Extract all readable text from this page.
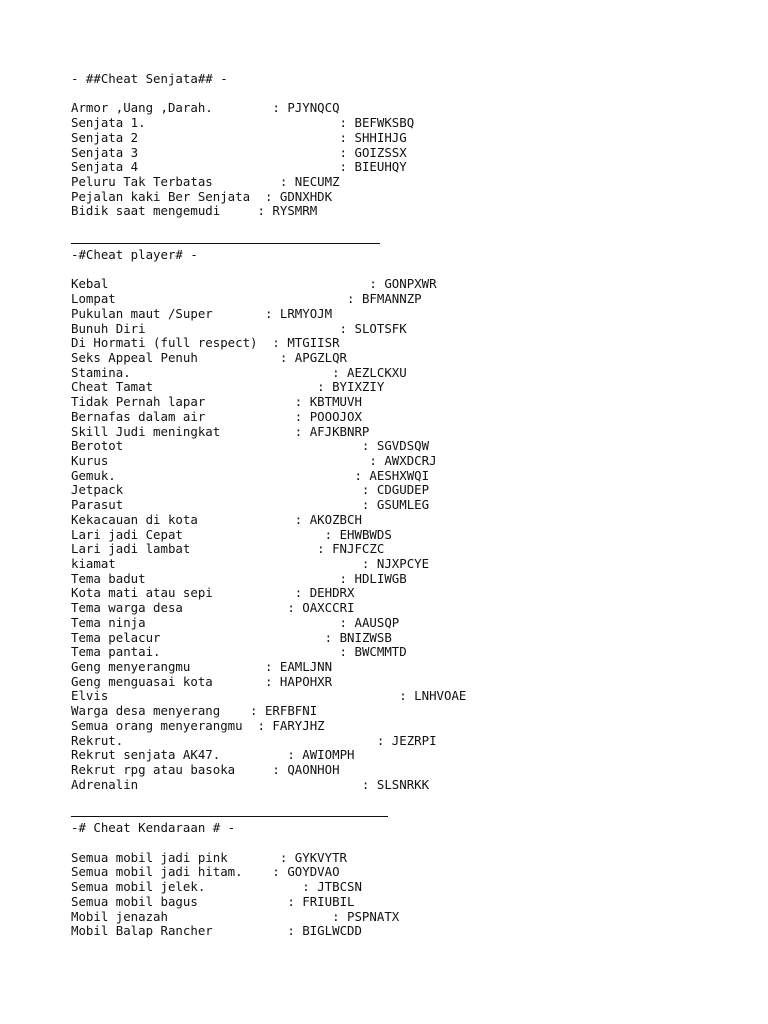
- ##Cheat Senjata## -
Armor ,Uang ,Darah.        : PJYNQCQ
Senjata 1.                          : BEFWKSBQ
Senjata 2                           : SHHIHJG
Senjata 3                           : GOIZSSX
Senjata 4                           : BIEUHQY
Peluru Tak Terbatas         : NECUMZ
Pejalan kaki Ber Senjata  : GDNXHDK
Bidik saat mengemudi     : RYSMRM
-#Cheat player# -
Kebal                                   : GONPXWR
Lompat                               : BFMANNZP
Pukulan maut /Super       : LRMYOJM
Bunuh Diri                          : SLOTSFK
Di Hormati (full respect)  : MTGIISR
Seks Appeal Penuh           : APGZLQR
Stamina.                           : AEZLCKXU
Cheat Tamat                      : BYIXZIY
Tidak Pernah lapar            : KBTMUVH
Bernafas dalam air            : POOOJOX
Skill Judi meningkat          : AFJKBNRP
Berotot                                : SGVDSQW
Kurus                                   : AWXDCRJ
Gemuk.                                : AESHXWQI
Jetpack                                : CDGUDEP
Parasut                                : GSUMLEG
Kekacauan di kota             : AKOZBCH
Lari jadi Cepat                   : EHWBWDS
Lari jadi lambat                 : FNJFCZC
kiamat                                 : NJXPCYE
Tema badut                          : HDLIWGB
Kota mati atau sepi           : DEHDRX
Tema warga desa              : OAXCCRI
Tema ninja                          : AAUSQP
Tema pelacur                      : BNIZWSB
Tema pantai.                        : BWCMMTD
Geng menyerangmu          : EAMLJNN
Geng menguasai kota       : HAPOHXR
Elvis                                       : LNHVOAE
Warga desa menyerang    : ERFBFNI
Semua orang menyerangmu  : FARYJHZ
Rekrut.                                  : JEZRPI
Rekrut senjata AK47.         : AWIOMPH
Rekrut rpg atau basoka     : QAONHOH
Adrenalin                              : SLSNRKK
-# Cheat Kendaraan # -
Semua mobil jadi pink       : GYKVYTR
Semua mobil jadi hitam.    : GOYDVAO
Semua mobil jelek.             : JTBCSN
Semua mobil bagus            : FRIUBIL
Mobil jenazah                      : PSPNATX
Mobil Balap Rancher          : BIGLWCDD
